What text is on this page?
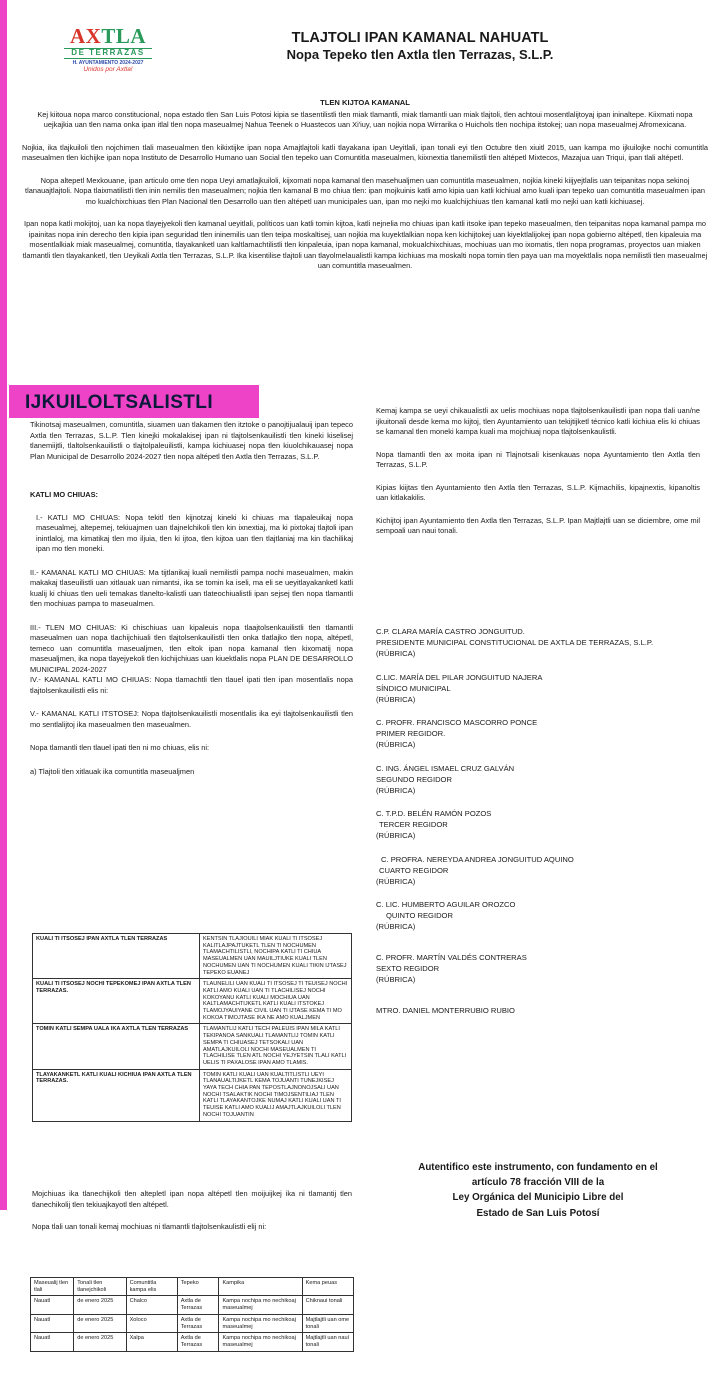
AXTLA
DE TERRAZAS
H. AYUNTAMIENTO 2024-2027
Unidos por Axtla!
TLAJTOLI IPAN KAMANAL NAHUATL
Nopa Tepeko tlen Axtla tlen Terrazas, S.L.P.
TLEN KIJTOA KAMANAL

Kej kiitoua nopa marco constitucional, nopa estado tlen San Luis Potosi kipia se tlasentilistli tlen miak tlamantli, miak tlamantli uan miak tlajtoli, tlen achtoui mosentlalijtoyaj ipan ininaltepe. Kiixmati nopa uejkajkia uan tlen nama onka ipan itlal tlen nopa maseualmej Nahua Teenek o Huastecos uan Xi'iuy, uan nojkia nopa Wirrarika o Huichols tlen nochipa itstokej; uan nopa maseualmej Afromexicana.

Nojkia, ika tlajkuiloli tlen nojchimen tlali maseualmen tlen kikixtijke ipan nopa Amajtlajtoli katli tlayakana ipan Ueyitlali, ipan tonali eyi tlen Octubre tlen xiuitl 2015, uan kampa mo ijkuilojke nochi comuntitla maseualmen tlen kichijke ipan nopa Instituto de Desarrollo Humano uan Social tlen tepeko uan Comuntitla maseualmen, kiixnextia tlanemilistli tlen altépetl Mixtecos, Mazajua uan Triqui, ipan tlali altépetl.

Nopa altepetl Mexkouane, ipan articulo ome tlen nopa Ueyi amatlajkuiloli, kijxomati nopa kamanal tlen masehualjmen uan comuntitla maseualmen, nojkia kineki kiijyejtlalis uan teipanitas nopa sekinoj tlanauajtlajtoli. Nopa tlaixmatilistli tlen inin nemilis tlen maseualmen; nojkia tlen kamanal B mo chiua tlen: ipan mojkuinis katli amo kipia uan katli kichiual amo kuali ipan tepeko uan comuntitla maseualmen ipan mo kualchixchiuas tlen Plan Nacional tlen Desarrollo uan tlen altépetl uan municipales uan, ipan mo nejki mo kualchijchiuas tlen kamanal katli mo nejki uan katli kichiuasej.

Ipan nopa katli mokijtoj, uan ka nopa tlayejyekoli tlen kamanal ueyitlali, políticos uan katli tomin kijtoa, katli nejnelia mo chiuas ipan katli itsoke ipan tepeko maseualmen, tlen teipanitas nopa kamanal pampa mo ipainitas nopa inin derecho tlen kipia ipan seguridad tlen ininemilis uan tlen teipa moskaltisej, uan nojkia ma kuyektlalkian nopa ken kichijtokej uan kiyektlalijokej ipan nopa gobierno altépetl, tlen kipaleuia ma mosentlalkiak miak maseualmej, comuntitla, tlayakanketl uan kaltlamachtilistli tlen kinpaleuia, ipan nopa kamanal, mokualchixchiuas, mochiuas uan mo ixomatis, tlen nopa programas, proyectos uan miaken tlamantli tlen tlayakanketl, tlen Ueyikali Axtla tlen Terrazas, S.L.P. Ika kisentilise tlajtoli uan tlayolmelaualistli kampa kichiuas ma moskalti nopa tomin tlen paya uan ma moyektlalis nopa nemilistli tlen maseualmej uan comuntitla maseualmen.

IJKUILOLTSALISTLI

Tikinotsaj maseualmen, comuntitla, siuamen uan tlakamen tlen itztoke o panojtijualauij ipan tepeco Axtla tlen Terrazas, S.L.P. Tlen kinejki mokalakisej ipan ni tlajtolsenkauilistli tlen kineki kiselisej tlanemiijtli, tlaltolsenkauilistli o tlajtolpaleuilistli, kampa kichiuasej nopa tlen kiuolchikauasej nopa Plan Municipal de Desarrollo 2024-2027 tlen nopa altépetl tlen Axtla tlen Terrazas, S.L.P.

KATLI MO CHIUAS:

I.- KATLI MO CHIUAS: Nopa tekitl tlen kijnotzaj kineki ki chiuas ma tlapaleuikaj nopa maseualmej, altepemej, tekiuajmen uan tlajnelchikoli tlen kin ixnextiaj, ma ki pixtokaj tlajtoli ipan inintlaloj, ma kimatikaj tlen mo iljuia, tlen ki ijtoa, tlen kijtoa uan tlen tlajtlaniaj ma kin tlachilikaj ipan mo tlen moneki.

II.- KAMANAL KATLI MO CHIUAS: Ma tijtlanikaj kuali nemilistli pampa nochi maseualmen, makin makakaj tlaseuilistli uan xitlauak uan nimantsi, ika se tomin ka iseli, ma eli se ueyitlayakanketl katli kualij ki chiuas tlen ueli temakas tlanelto-kalistli uan tlateochiualistli ipan sejsej tlen nopa tlamantli tlen mochiuas pampa to maseualmen.

III.- TLEN MO CHIUAS: Ki chischiuas uan kipaleuis nopa tlaajtolsenkauilistli tlen tlamantli maseualmen uan nopa tlachijchiuali tlen tlajtolsenkauilistli tlen onka tlatlajko tlen nopa, altépetl, temeco uan comuntitla maseualjmen, tlen eltok ipan nopa kamanal tlen kixomatij nopa maseualjmen, ika nopa tlayejyekoli tlen kichijchiuas uan kiuektlalis nopa PLAN DE DESARROLLO MUNICIPAL 2024-2027

IV.- KAMANAL KATLI MO CHIUAS: Nopa tlamachtli tlen tlauel ipati tlen ipan mosentlalis nopa tlajtolsenkauilistli elis ni:

V.- KAMANAL KATLI ITSTOSEJ: Nopa tlajtolsenkauilistli mosentlalis ika eyi tlajtolsenkauilistli tlen mo sentlalijtoj ika maseualmen tlen maseualmen.

Nopa tlamantli tlen tlauel ipati tlen ni mo chiuas, elis ni:

a) Tlajtoli tlen xitlauak ika comuntitla maseualjmen

KUALI TI ITSOSEJ IPAN AXTLA TLEN TERRAZAS	KENTSIN TLAJIOUILI MIAK KUALI TI ITSOSEJ KALITLAJPAJTUKETL TLEN TI NOCHUMEN TLAMACHTILISTLI, NOCHIPA KATLI TI CHIUA MASEUALMEN UAN MAUILJTIUKE KUALI TLEN NOCHUMEN UAN TI NOCHUMEN KUALI TIKIN IJTASEJ TEPEKO EUANEJ
KUALI TI ITSOSEJ NOCHI TEPEKOMEJ IPAN AXTLA TLEN TERRAZAS.	TLAUNELILI UAN KUALI TI ITSOSEJ TI TEUISEJ NOCHI KATLI AMO KUALI UAN TI TLACHILISEJ NOCHI KOKOYANU KATLI KUALI MOCHIUA UAN KALTLAMACHTIJKETL KATLI KUALI ITSTOKEJ TLAMOJYAUIYANE CIVIL UAN TI IJTASE KEMA TI MO KOKOA TIMOJTASE IKA NE AMO KUALJMEN
TOMIN KATLI SEMPA UALA IKA AXTLA TLEN TERRAZAS	TLAMANTLIJ KATLI TECH PALEUIS IPAN MILA KATLI TEKIPANOA SANKUALI TLAMANTLIJ TOMIN KATLI SEMPA TI CHIUASEJ TETSOKALI UAN AMATLAJKUILOLI NOCHI MASEUALMEN TI TLACHILISE TLEN ATL NOCHI YEJYETSIN TLALI KATLI UELIS TI PAXALOSE IPAN AMO TLAMIS.
TLAYAKANKETL KATLI KUALI KICHIUA IPAN AXTLA TLEN TERRAZAS.	TOMIN KATLI KUALI UAN KUALTITLISTLI UEYI TLANAUALTIJKETL KEMA TOJUANTI TUNEJKISEJ YAYA TECH CHIA PAN TEPOSTLAJNONOJSALI UAN NOCHI TSALAKTIK NOCHI TIMOJSENTILIAJ TLEN KATLI TLAYAKANTOJKE NUMAJ KATLI KUALI UAN TI TEUISE KATLI AMO KUALIJ AMAJTLAJKUILOLI TLEN NOCHI TOJUANTIN

Mojchiuas ika tlanechijkoli tlen altepletl ipan nopa altépetl tlen moijuijkej ika ni tlamantij tlen tlanechikolij tlen tekiuajkayotl tlen altépetl.

Nopa tlali uan tonali kemaj mochiuas ni tlamantli tlajtolsenkaulistli elij ni:

Maseualij tlen tlali	Tonali tlen tlanejchikoli	Comuntitla kampa elis	Tepeko	Kampika	Kema peuas
Nauatl	de enero 2025	Chalco	Axtla de Terrazas	Kampa nochipa mo nechikoaj maseualmej	Chiknaui tonali
Nauatl	de enero 2025	Xoloco	Axtla de Terrazas	Kampa nochipa mo nechikoaj maseualmej	Majtlajtli uan ome tonali
Nauatl	de enero 2025	Xalpa	Axtla de Terrazas	Kampa nochipa mo nechikoaj maseualmej	Majtlajtli uan nauí tonali

Kemaj kampa se ueyi chikaualistli ax uelis mochiuas nopa tlajtolsenkauilistli ipan nopa tlali uan/ne ijkuitonali desde kema mo kijtoj, tlen Ayuntamiento uan tekijtijketl técnico katli kichiua elis ki chiuas se kamanal tlen moneki kampa kuali ma mojchiuaj nopa tlajtolsenkaulistli.

Nopa tlamantli tlen ax moita ipan ni Tlajnotsali kisenkauas nopa Ayuntamiento tlen Axtla tlen Terrazas, S.L.P.

Kipias kiijtas tlen Ayuntamiento tlen Axtla tlen Terrazas, S.L.P. Kijmachilis, kipajnextis, kipanoltis uan kitlakakilis.

Kichijtoj ipan Ayuntamiento tlen Axtla tlen Terrazas, S.L.P. Ipan Majtlajtli uan se diciembre, ome mil sempoali uan naui tonali.

C.P. CLARA MARÍA CASTRO JONGUITUD.
PRESIDENTE MUNICIPAL CONSTITUCIONAL DE AXTLA DE TERRAZAS, S.L.P.
(RÚBRICA)
C.LIC. MARÍA DEL PILAR JONGUITUD NAJERA
SÍNDICO MUNICIPAL
(RÚBRICA)
C. PROFR. FRANCISCO MASCORRO PONCE
PRIMER REGIDOR.
(RÚBRICA)
C. ING. ÁNGEL ISMAEL CRUZ GALVÁN
SEGUNDO REGIDOR
(RÚBRICA)
C. T.P.D. BELÉN RAMÓN POZOS
TERCER REGIDOR
(RÚBRICA)
C. PROFRA. NEREYDA ANDREA JONGUITUD AQUINO
CUARTO REGIDOR
(RÚBRICA)
C. LIC. HUMBERTO AGUILAR OROZCO
QUINTO REGIDOR
(RÚBRICA)
C. PROFR. MARTÍN VALDÉS CONTRERAS
SEXTO REGIDOR
(RÚBRICA)
MTRO. DANIEL MONTERRUBIO RUBIO
Autentifico este instrumento, con fundamento en el
artículo 78 fracción VIII de la
Ley Orgánica del Municipio Libre del
Estado de San Luis Potosí
